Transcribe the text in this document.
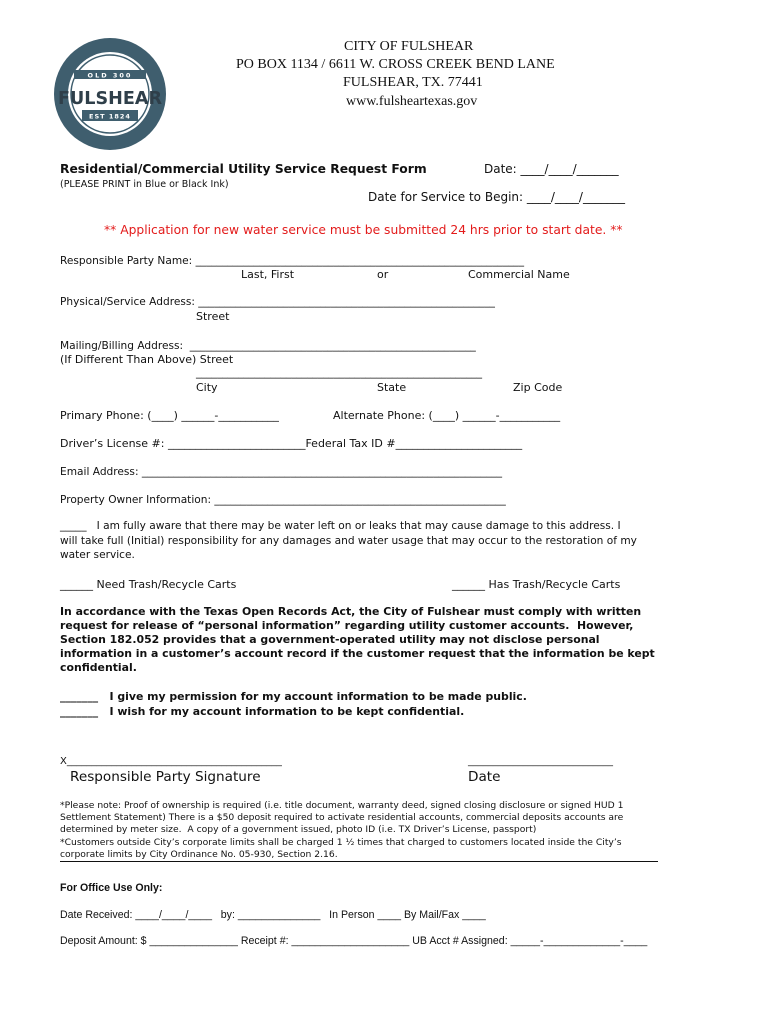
OLD 300
FULSHEAR
EST 1824
CITY OF FULSHEAR
PO BOX 1134 / 6611 W. CROSS CREEK BEND LANE
FULSHEAR, TX. 77441
www.fulsheartexas.gov
Residential/Commercial Utility Service Request Form	Date: ____/____/_______
(PLEASE PRINT in Blue or Black Ink)
Date for Service to Begin: ____/____/_______
** Application for new water service must be submitted 24 hrs prior to start date. **
Responsible Party Name: ______________________________________________________________
Last, First	or	Commercial Name
Physical/Service Address: ________________________________________________________
Street
Mailing/Billing Address:  ______________________________________________________
(If Different Than Above) Street
______________________________________________________
City	State	Zip Code
Primary Phone: (____) ______-___________	Alternate Phone: (____) ______-___________
Driver’s License #: _________________________Federal Tax ID #_______________________
Email Address: ____________________________________________________________________
Property Owner Information: _______________________________________________________
_____   I am fully aware that there may be water left on or leaks that may cause damage to this address. I
will take full (Initial) responsibility for any damages and water usage that may occur to the restoration of my
water service.
______ Need Trash/Recycle Carts	______ Has Trash/Recycle Carts
In accordance with the Texas Open Records Act, the City of Fulshear must comply with written
request for release of “personal information” regarding utility customer accounts.  However,
Section 182.052 provides that a government-operated utility may not disclose personal
information in a customer’s account record if the customer request that the information be kept
confidential.
_______   I give my permission for my account information to be made public.
_______   I wish for my account information to be kept confidential.
X___________________________________________	_____________________________
Responsible Party Signature	Date
*Please note: Proof of ownership is required (i.e. title document, warranty deed, signed closing disclosure or signed HUD 1
Settlement Statement) There is a $50 deposit required to activate residential accounts, commercial deposits accounts are
determined by meter size.  A copy of a government issued, photo ID (i.e. TX Driver’s License, passport)
*Customers outside City’s corporate limits shall be charged 1 ½ times that charged to customers located inside the City’s
corporate limits by City Ordinance No. 05-930, Section 2.16.
For Office Use Only:
Date Received: ____/____/____   by: ______________   In Person ____ By Mail/Fax ____
Deposit Amount: $ _______________ Receipt #: ____________________ UB Acct # Assigned: _____-_____________-____
